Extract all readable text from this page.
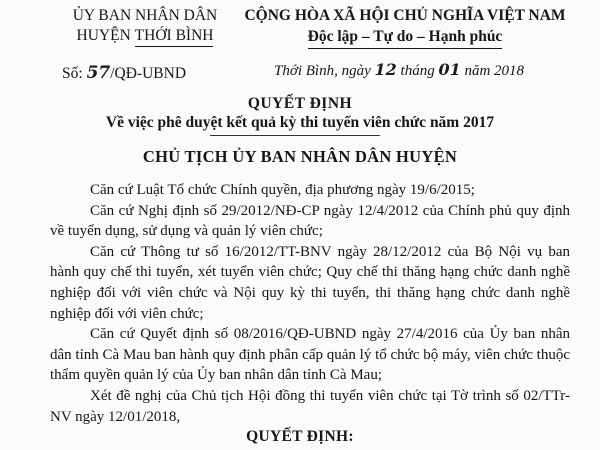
ỦY BAN NHÂN DÂN
HUYỆN THỚI BÌNH
CỘNG HÒA XÃ HỘI CHỦ NGHĨA VIỆT NAM
Độc lập – Tự do – Hạnh phúc
Số: 57/QĐ-UBND	Thới Bình, ngày 12 tháng 01 năm 2018
QUYẾT ĐỊNH
Về việc phê duyệt kết quả kỳ thi tuyển viên chức năm 2017
CHỦ TỊCH ỦY BAN NHÂN DÂN HUYỆN

Căn cứ Luật Tổ chức Chính quyền, địa phương ngày 19/6/2015;

Căn cứ Nghị định số 29/2012/NĐ-CP ngày 12/4/2012 của Chính phủ quy định về tuyển dụng, sử dụng và quản lý viên chức;

Căn cứ Thông tư số 16/2012/TT-BNV ngày 28/12/2012 của Bộ Nội vụ ban hành quy chế thi tuyển, xét tuyển viên chức; Quy chế thi thăng hạng chức danh nghề nghiệp đối với viên chức và Nội quy kỳ thi tuyển, thi thăng hạng chức danh nghề nghiệp đối với viên chức;

Căn cứ Quyết định số 08/2016/QĐ-UBND ngày 27/4/2016 của Ủy ban nhân dân tỉnh Cà Mau ban hành quy định phân cấp quản lý tổ chức bộ máy, viên chức thuộc thẩm quyền quản lý của Ủy ban nhân dân tỉnh Cà Mau;

Xét đề nghị của Chủ tịch Hội đồng thi tuyển viên chức tại Tờ trình số 02/TTr-NV ngày 12/01/2018,

QUYẾT ĐỊNH:
